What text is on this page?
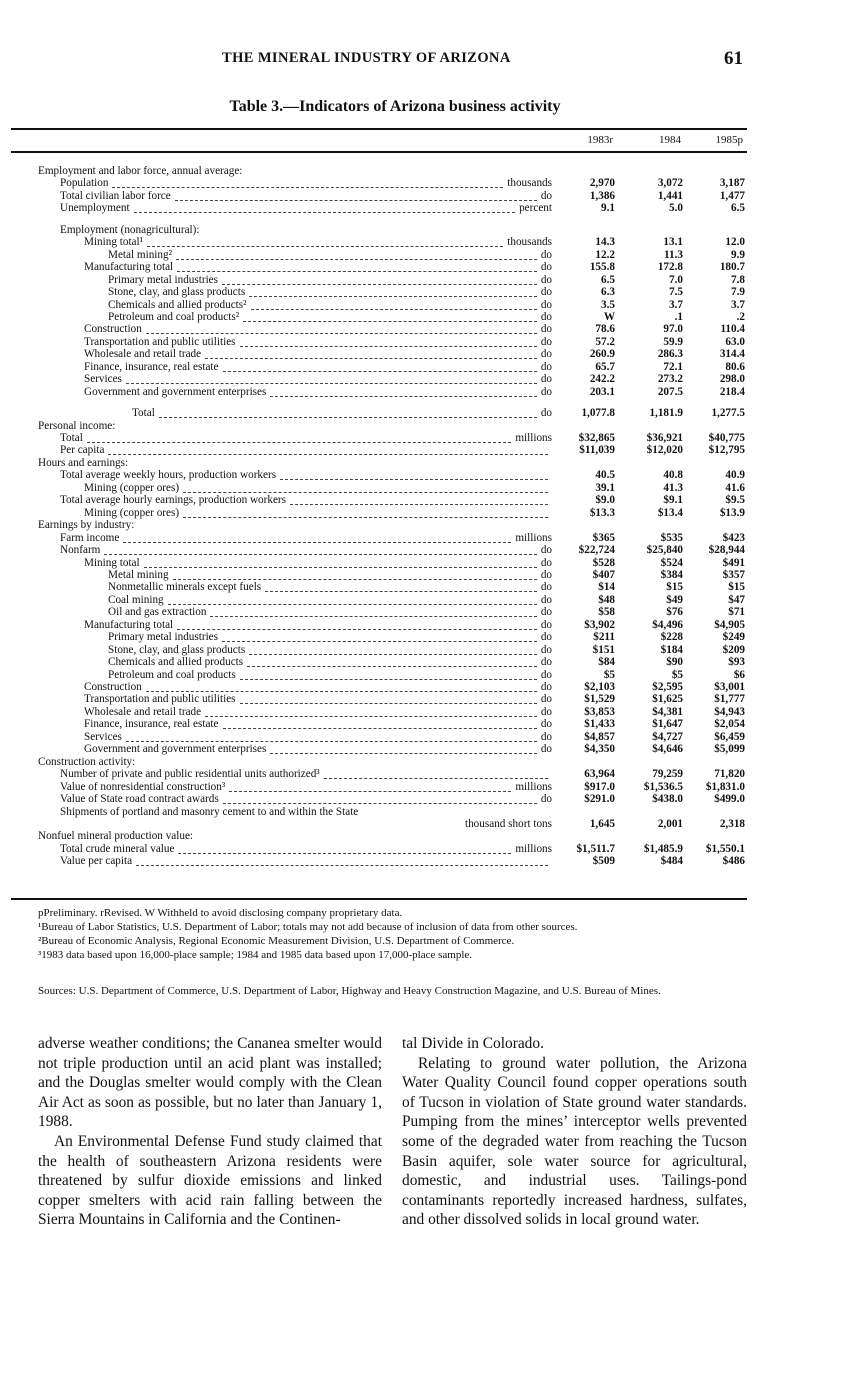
THE MINERAL INDUSTRY OF ARIZONA	61
Table 3.—Indicators of Arizona business activity
1983r	1984	1985p
Employment and labor force, annual average:
Population	thousands	2,970	3,072	3,187
Total civilian labor force	do	1,386	1,441	1,477
Unemployment	percent	9.1	5.0	6.5
Employment (nonagricultural):
Mining total¹	thousands	14.3	13.1	12.0
Metal mining²	do	12.2	11.3	9.9
Manufacturing total	do	155.8	172.8	180.7
Primary metal industries	do	6.5	7.0	7.8
Stone, clay, and glass products	do	6.3	7.5	7.9
Chemicals and allied products²	do	3.5	3.7	3.7
Petroleum and coal products²	do	W	.1	.2
Construction	do	78.6	97.0	110.4
Transportation and public utilities	do	57.2	59.9	63.0
Wholesale and retail trade	do	260.9	286.3	314.4
Finance, insurance, real estate	do	65.7	72.1	80.6
Services	do	242.2	273.2	298.0
Government and government enterprises	do	203.1	207.5	218.4
Total	do	1,077.8	1,181.9	1,277.5
Personal income:
Total	millions	$32,865	$36,921	$40,775
Per capita	$11,039	$12,020	$12,795
Hours and earnings:
Total average weekly hours, production workers	40.5	40.8	40.9
Mining (copper ores)	39.1	41.3	41.6
Total average hourly earnings, production workers	$9.0	$9.1	$9.5
Mining (copper ores)	$13.3	$13.4	$13.9
Earnings by industry:
Farm income	millions	$365	$535	$423
Nonfarm	do	$22,724	$25,840	$28,944
Mining total	do	$528	$524	$491
Metal mining	do	$407	$384	$357
Nonmetallic minerals except fuels	do	$14	$15	$15
Coal mining	do	$48	$49	$47
Oil and gas extraction	do	$58	$76	$71
Manufacturing total	do	$3,902	$4,496	$4,905
Primary metal industries	do	$211	$228	$249
Stone, clay, and glass products	do	$151	$184	$209
Chemicals and allied products	do	$84	$90	$93
Petroleum and coal products	do	$5	$5	$6
Construction	do	$2,103	$2,595	$3,001
Transportation and public utilities	do	$1,529	$1,625	$1,777
Wholesale and retail trade	do	$3,853	$4,381	$4,943
Finance, insurance, real estate	do	$1,433	$1,647	$2,054
Services	do	$4,857	$4,727	$6,459
Government and government enterprises	do	$4,350	$4,646	$5,099
Construction activity:
Number of private and public residential units authorized³	63,964	79,259	71,820
Value of nonresidential construction³	millions	$917.0	$1,536.5	$1,831.0
Value of State road contract awards	do	$291.0	$438.0	$499.0
Shipments of portland and masonry cement to and within the State
thousand short tons	1,645	2,001	2,318
Nonfuel mineral production value:
Total crude mineral value	millions	$1,511.7	$1,485.9	$1,550.1
Value per capita	$509	$484	$486

pPreliminary. rRevised. W Withheld to avoid disclosing company proprietary data.

¹Bureau of Labor Statistics, U.S. Department of Labor; totals may not add because of inclusion of data from other sources.

²Bureau of Economic Analysis, Regional Economic Measurement Division, U.S. Department of Commerce.

³1983 data based upon 16,000-place sample; 1984 and 1985 data based upon 17,000-place sample.

Sources: U.S. Department of Commerce, U.S. Department of Labor, Highway and Heavy Construction Magazine, and U.S. Bureau of Mines.

adverse weather conditions; the Cananea smelter would not triple production until an acid plant was installed; and the Douglas smelter would comply with the Clean Air Act as soon as possible, but no later than January 1, 1988.

An Environmental Defense Fund study claimed that the health of southeastern Arizona residents were threatened by sulfur dioxide emissions and linked copper smelters with acid rain falling between the Sierra Mountains in California and the Continen-

tal Divide in Colorado.

Relating to ground water pollution, the Arizona Water Quality Council found copper operations south of Tucson in violation of State ground water standards. Pumping from the mines’ interceptor wells prevented some of the degraded water from reaching the Tucson Basin aquifer, sole water source for agricultural, domestic, and industrial uses. Tailings-pond contaminants reportedly increased hardness, sulfates, and other dissolved solids in local ground water.
